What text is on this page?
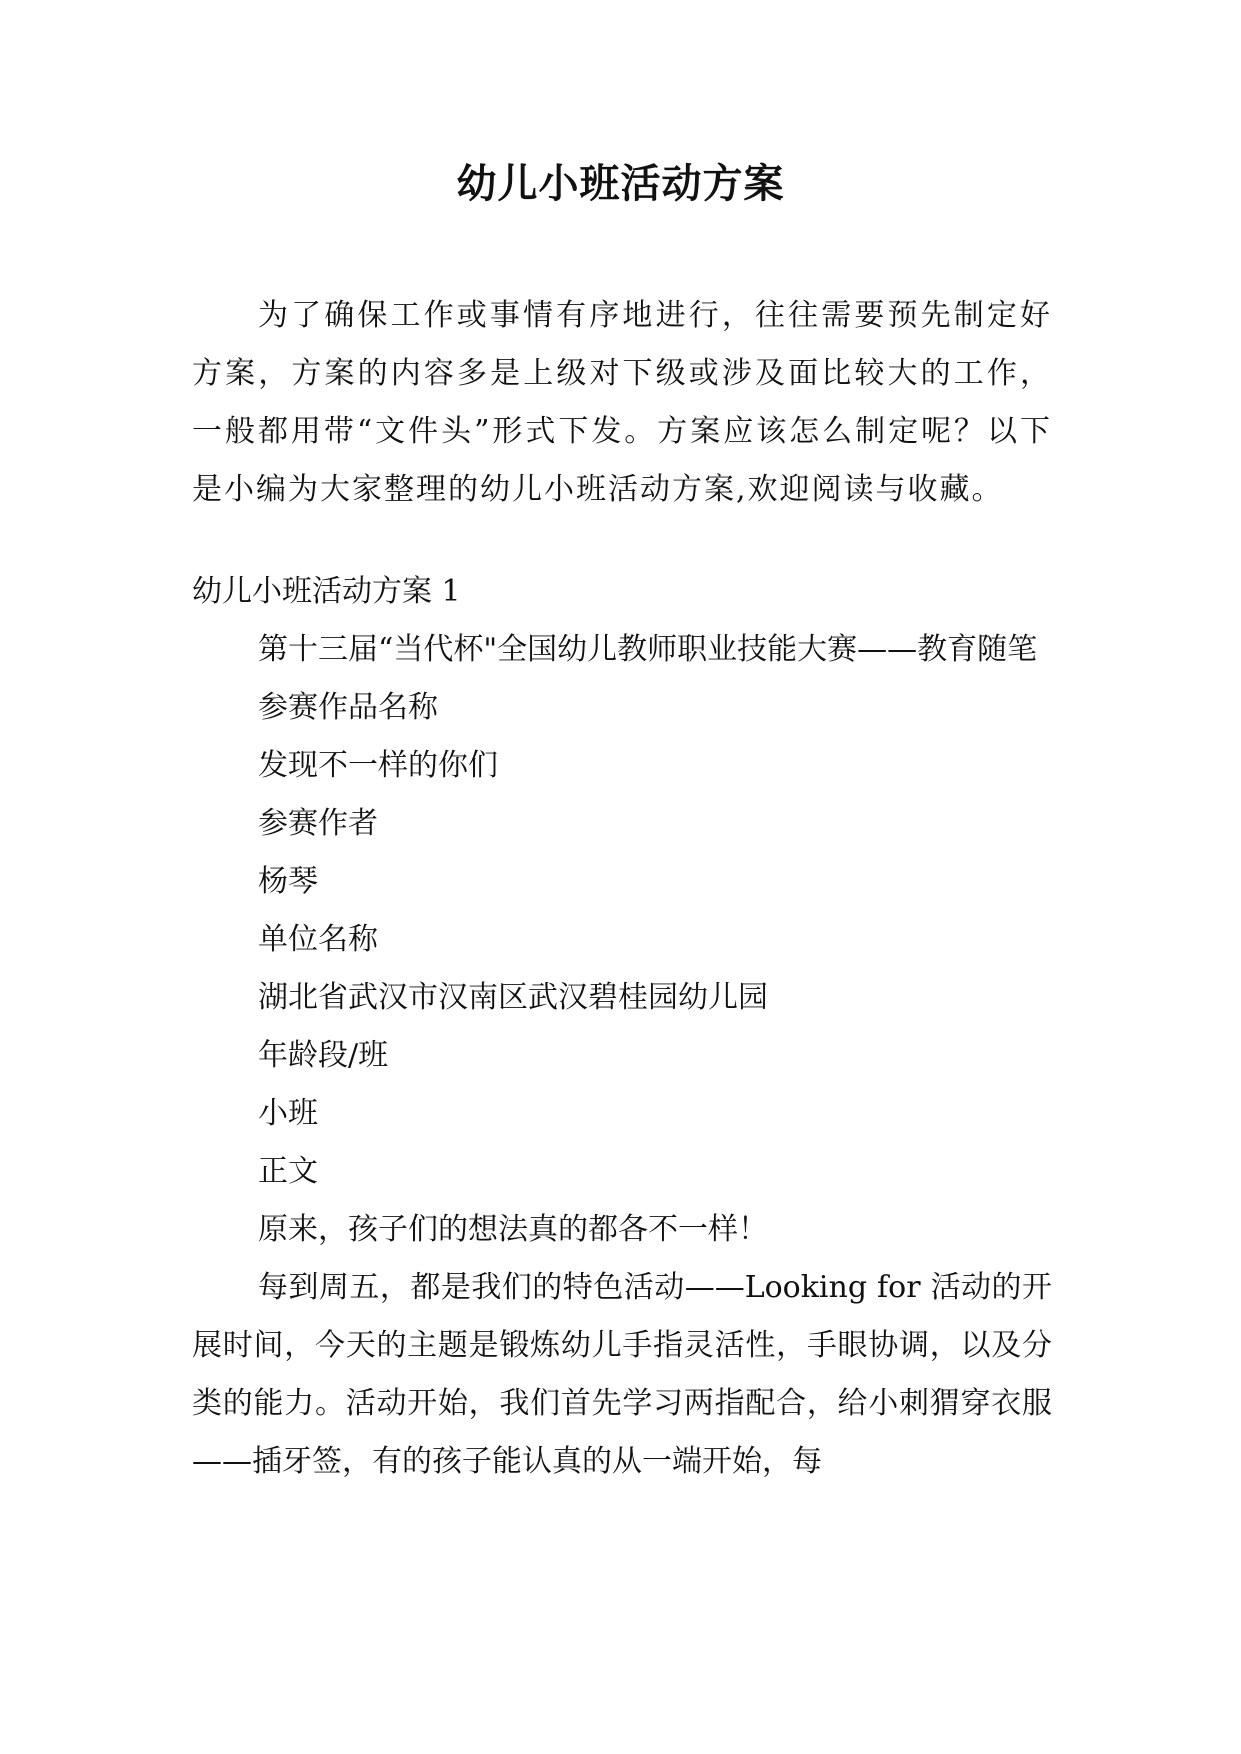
幼儿小班活动方案

为了确保工作或事情有序地进行，往往需要预先制定好方案，方案的内容多是上级对下级或涉及面比较大的工作，一般都用带“文件头”形式下发。方案应该怎么制定呢？以下是小编为大家整理的幼儿小班活动方案,欢迎阅读与收藏。

幼儿小班活动方案 1

第十三届“当代杯"全国幼儿教师职业技能大赛——教育随笔

参赛作品名称

发现不一样的你们

参赛作者

杨琴

单位名称

湖北省武汉市汉南区武汉碧桂园幼儿园

年龄段/班

小班

正文

原来，孩子们的想法真的都各不一样！

每到周五，都是我们的特色活动——Looking for 活动的开展时间，今天的主题是锻炼幼儿手指灵活性，手眼协调，以及分类的能力。活动开始，我们首先学习两指配合，给小刺猬穿衣服——插牙签，有的孩子能认真的从一端开始，每
